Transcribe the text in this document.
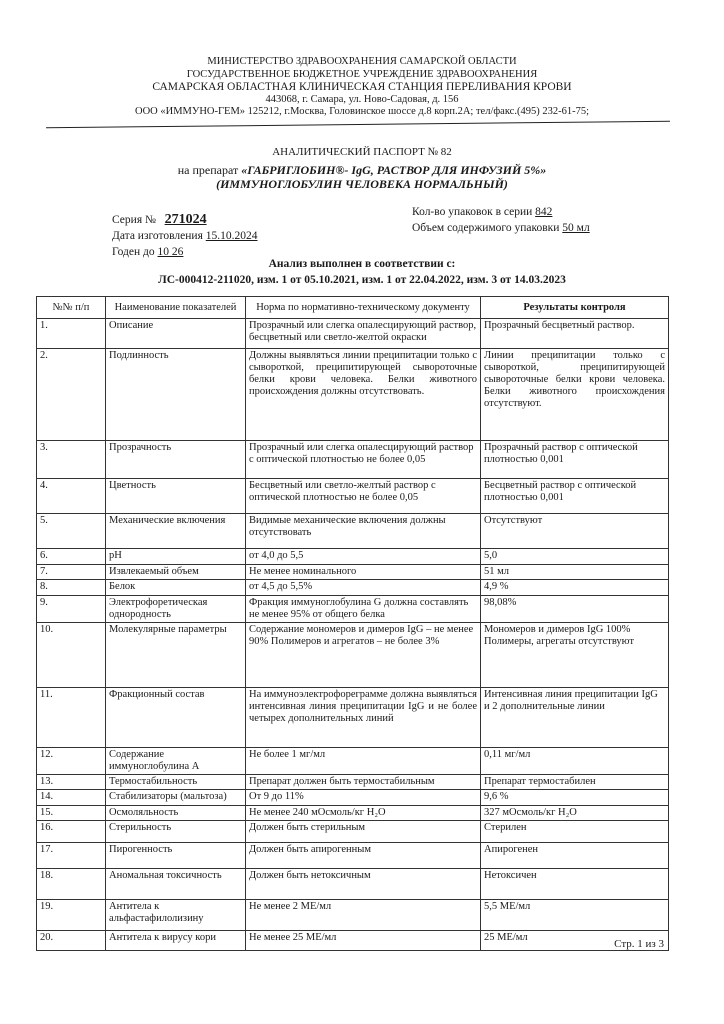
МИНИСТЕРСТВО ЗДРАВООХРАНЕНИЯ САМАРСКОЙ ОБЛАСТИ
ГОСУДАРСТВЕННОЕ БЮДЖЕТНОЕ УЧРЕЖДЕНИЕ ЗДРАВООХРАНЕНИЯ
САМАРСКАЯ ОБЛАСТНАЯ КЛИНИЧЕСКАЯ СТАНЦИЯ ПЕРЕЛИВАНИЯ КРОВИ
443068, г. Самара, ул. Ново-Садовая, д. 156
ООО «ИММУНО-ГЕМ» 125212, г.Москва, Головинское шоссе д.8 корп.2А; тел/факс.(495) 232-61-75;
АНАЛИТИЧЕСКИЙ ПАСПОРТ № 82
на препарат «ГАБРИГЛОБИН®- IgG, РАСТВОР ДЛЯ ИНФУЗИЙ 5%»
(ИММУНОГЛОБУЛИН ЧЕЛОВЕКА НОРМАЛЬНЫЙ)
Серия № 271024
Дата изготовления 15.10.2024
Годен до 10 26
Кол-во упаковок в серии 842
Объем содержимого упаковки 50 мл
Анализ выполнен в соответствии с:
ЛС-000412-211020, изм. 1 от 05.10.2021, изм. 1 от 22.04.2022, изм. 3 от 14.03.2023
№№ п/п	Наименование показателей	Норма по нормативно-техническому документу	Результаты контроля
1.	Описание	Прозрачный или слегка опалесцирующий раствор, бесцветный или светло-желтой окраски	Прозрачный бесцветный раствор.
2.	Подлинность	Должны выявляться линии преципитации только с сывороткой, преципитирующей сывороточные белки крови человека. Белки животного происхождения должны отсутствовать.	Линии преципитации только с сывороткой, преципитирующей сывороточные белки крови человека. Белки животного происхождения отсутствуют.
3.	Прозрачность	Прозрачный или слегка опалесцирующий раствор с оптической плотностью не более 0,05	Прозрачный раствор с оптической плотностью 0,001
4.	Цветность	Бесцветный или светло-желтый раствор с оптической плотностью не более 0,05	Бесцветный раствор с оптической плотностью 0,001
5.	Механические включения	Видимые механические включения должны отсутствовать	Отсутствуют
6.	pH	от 4,0 до 5,5	5,0
7.	Извлекаемый объем	Не менее номинального	51 мл
8.	Белок	от 4,5 до 5,5%	4,9 %
9.	Электрофоретическая однородность	Фракция иммуноглобулина G должна составлять не менее 95% от общего белка	98,08%
10.	Молекулярные параметры	Содержание мономеров и димеров IgG – не менее 90% Полимеров и агрегатов – не более 3%	Мономеров и димеров IgG 100% Полимеры, агрегаты отсутствуют
11.	Фракционный состав	На иммуноэлектрофореграмме должна выявляться интенсивная линия преципитации IgG и не более четырех дополнительных линий	Интенсивная линия преципитации IgG и 2 дополнительные линии
12.	Содержание иммуноглобулина А	Не более 1 мг/мл	0,11 мг/мл
13.	Термостабильность	Препарат должен быть термостабильным	Препарат термостабилен
14.	Стабилизаторы (мальтоза)	От 9 до 11%	9,6 %
15.	Осмоляльность	Не менее 240 мОсмоль/кг H₂O	327 мОсмоль/кг H₂O
16.	Стерильность	Должен быть стерильным	Стерилен
17.	Пирогенность	Должен быть апирогенным	Апирогенен
18.	Аномальная токсичность	Должен быть нетоксичным	Нетоксичен
19.	Антитела к альфастафилолизину	Не менее 2 МЕ/мл	5,5 МЕ/мл
20.	Антитела к вирусу кори	Не менее 25 МЕ/мл	25 МЕ/мл
Стр. 1 из 3
